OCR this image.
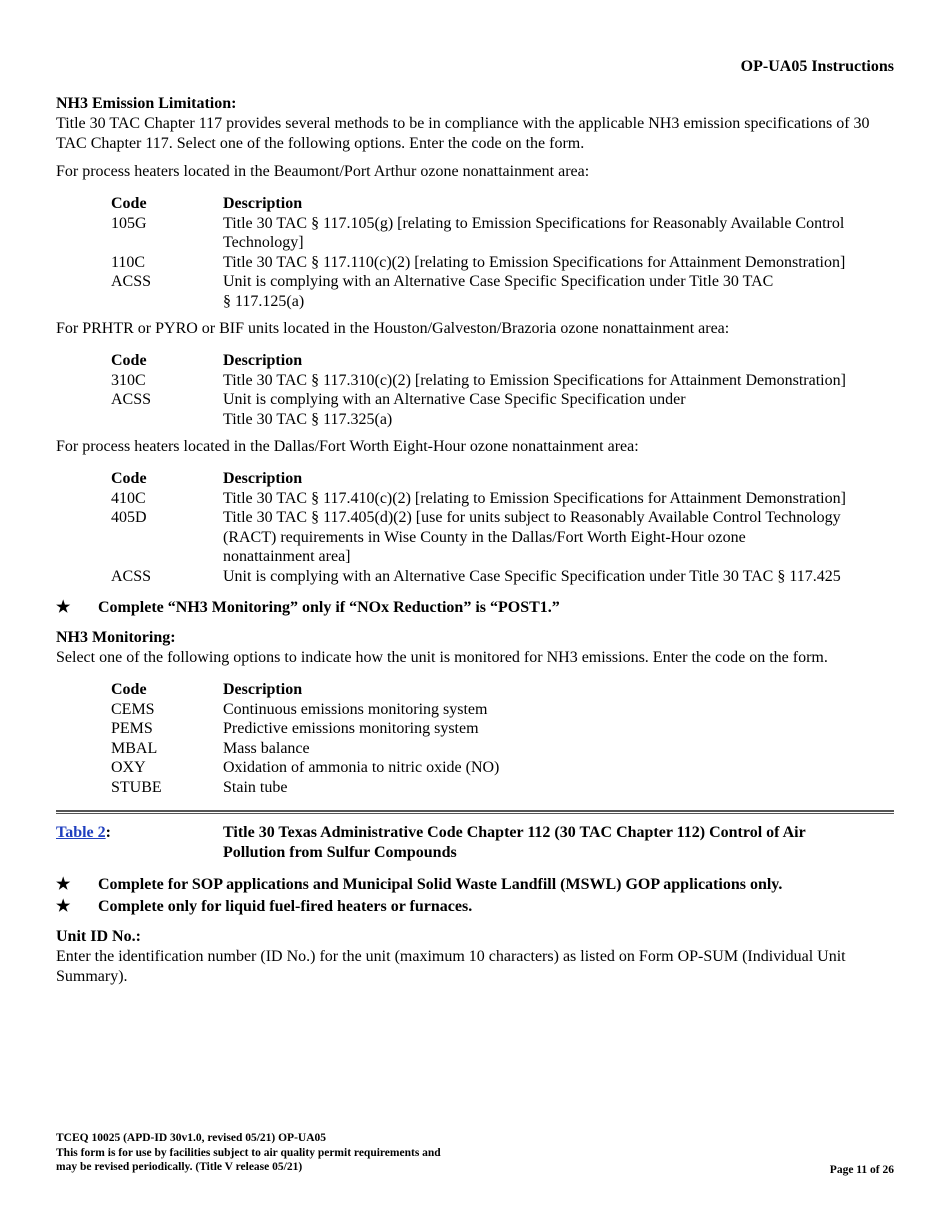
OP-UA05 Instructions

NH3 Emission Limitation:

Title 30 TAC Chapter 117 provides several methods to be in compliance with the applicable NH3 emission specifications of 30 TAC Chapter 117. Select one of the following options. Enter the code on the form.

For process heaters located in the Beaumont/Port Arthur ozone nonattainment area:

Code	Description
105G	Title 30 TAC § 117.105(g) [relating to Emission Specifications for Reasonably Available Control Technology]
110C	Title 30 TAC § 117.110(c)(2) [relating to Emission Specifications for Attainment Demonstration]
ACSS	Unit is complying with an Alternative Case Specific Specification under Title 30 TAC
§ 117.125(a)

For PRHTR or PYRO or BIF units located in the Houston/Galveston/Brazoria ozone nonattainment area:

Code	Description
310C	Title 30 TAC § 117.310(c)(2) [relating to Emission Specifications for Attainment Demonstration]
ACSS	Unit is complying with an Alternative Case Specific Specification under
Title 30 TAC § 117.325(a)

For process heaters located in the Dallas/Fort Worth Eight-Hour ozone nonattainment area:

Code	Description
410C	Title 30 TAC § 117.410(c)(2) [relating to Emission Specifications for Attainment Demonstration]
405D	Title 30 TAC § 117.405(d)(2) [use for units subject to Reasonably Available Control Technology
(RACT) requirements in Wise County in the Dallas/Fort Worth Eight-Hour ozone
nonattainment area]
ACSS	Unit is complying with an Alternative Case Specific Specification under Title 30 TAC § 117.425
★	Complete “NH3 Monitoring” only if “NOx Reduction” is “POST1.”

NH3 Monitoring:

Select one of the following options to indicate how the unit is monitored for NH3 emissions. Enter the code on the form.

Code	Description
CEMS	Continuous emissions monitoring system
PEMS	Predictive emissions monitoring system
MBAL	Mass balance
OXY	Oxidation of ammonia to nitric oxide (NO)
STUBE	Stain tube
Table 2:	Title 30 Texas Administrative Code Chapter 112 (30 TAC Chapter 112) Control of Air
Pollution from Sulfur Compounds
★	Complete for SOP applications and Municipal Solid Waste Landfill (MSWL) GOP applications only.
★	Complete only for liquid fuel-fired heaters or furnaces.

Unit ID No.:

Enter the identification number (ID No.) for the unit (maximum 10 characters) as listed on Form OP-SUM (Individual Unit Summary).

TCEQ 10025 (APD-ID 30v1.0, revised 05/21) OP-UA05
This form is for use by facilities subject to air quality permit requirements and
may be revised periodically. (Title V release 05/21)	Page 11 of 26
